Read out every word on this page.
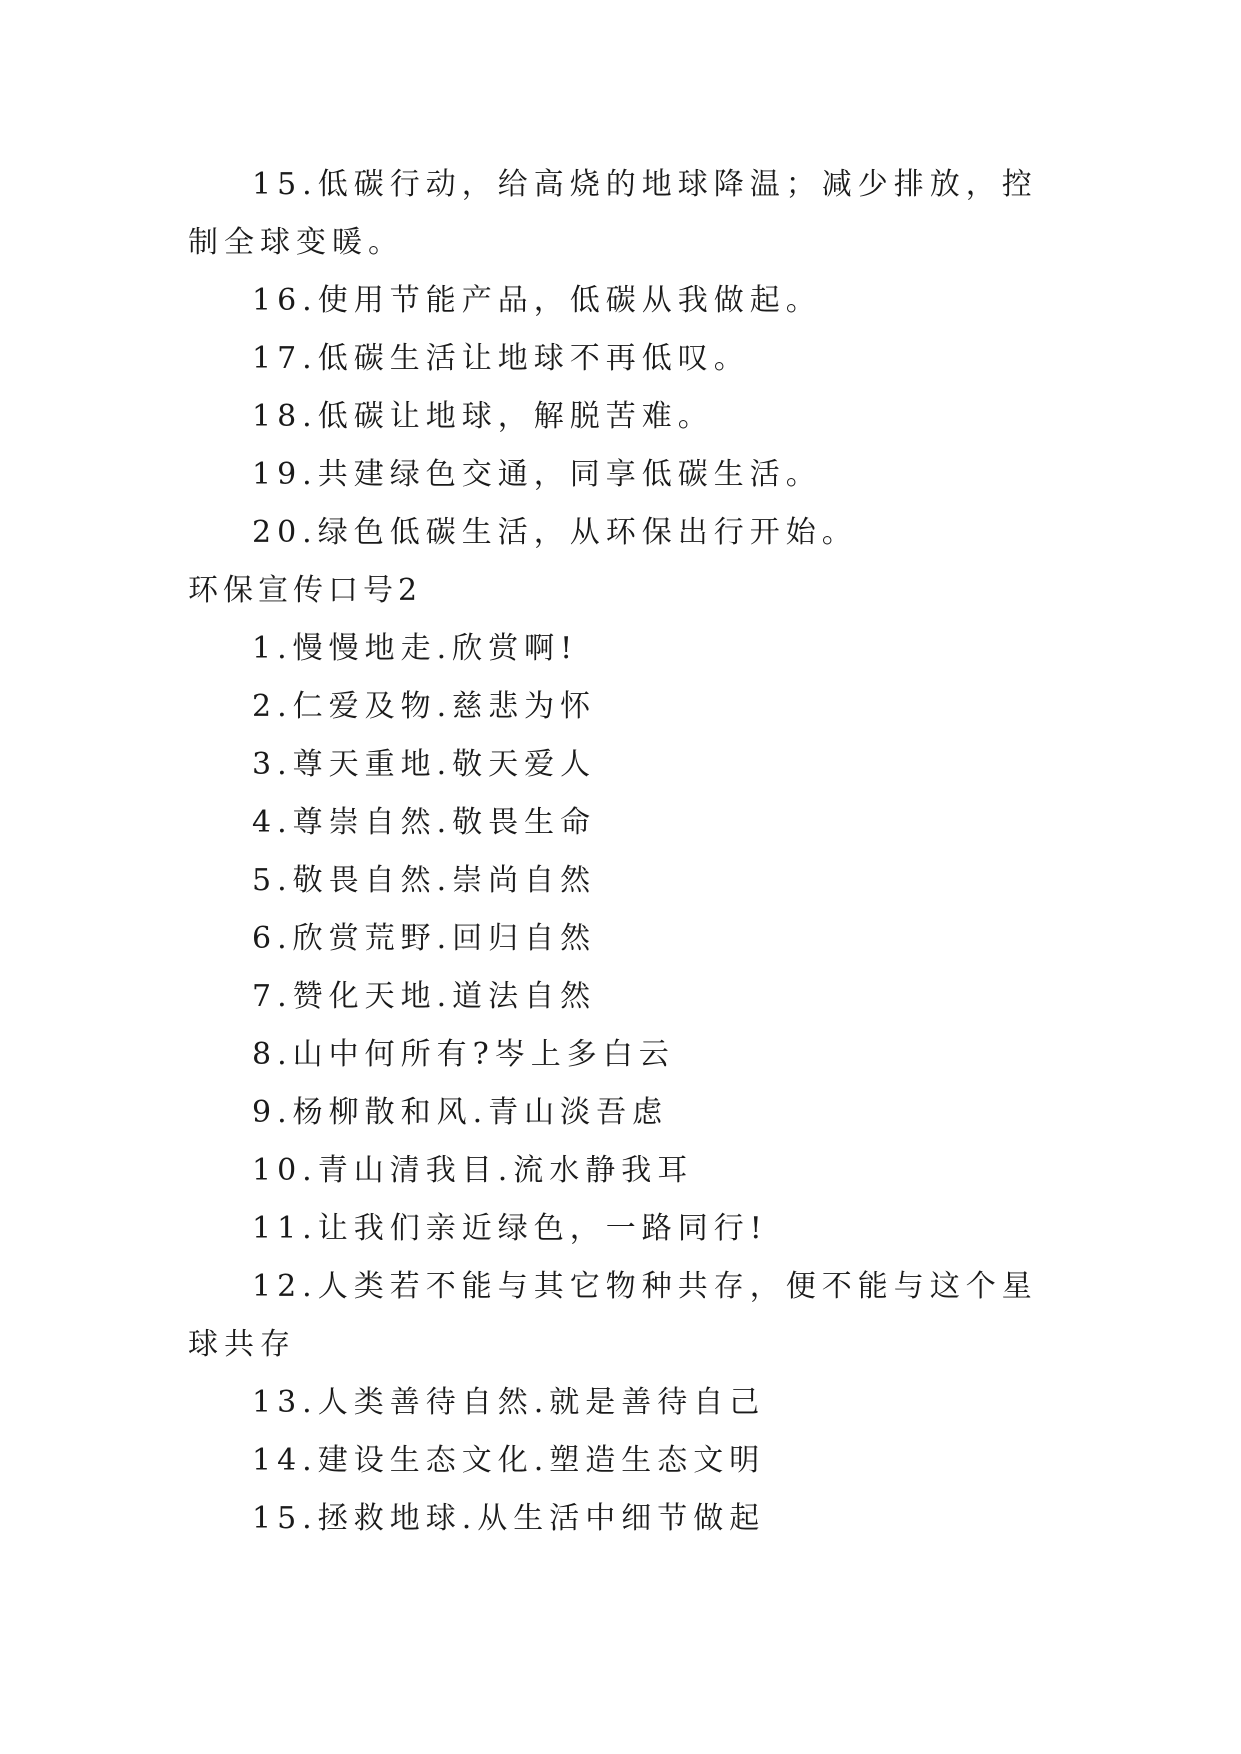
15.低碳行动，给高烧的地球降温；减少排放，控制全球变暖。
16.使用节能产品，低碳从我做起。
17.低碳生活让地球不再低叹。
18.低碳让地球，解脱苦难。
19.共建绿色交通，同享低碳生活。
20.绿色低碳生活，从环保出行开始。
环保宣传口号2
1.慢慢地走.欣赏啊!
2.仁爱及物.慈悲为怀
3.尊天重地.敬天爱人
4.尊崇自然.敬畏生命
5.敬畏自然.崇尚自然
6.欣赏荒野.回归自然
7.赞化天地.道法自然
8.山中何所有?岑上多白云
9.杨柳散和风.青山淡吾虑
10.青山清我目.流水静我耳
11.让我们亲近绿色，一路同行!
12.人类若不能与其它物种共存，便不能与这个星球共存
13.人类善待自然.就是善待自己
14.建设生态文化.塑造生态文明
15.拯救地球.从生活中细节做起
